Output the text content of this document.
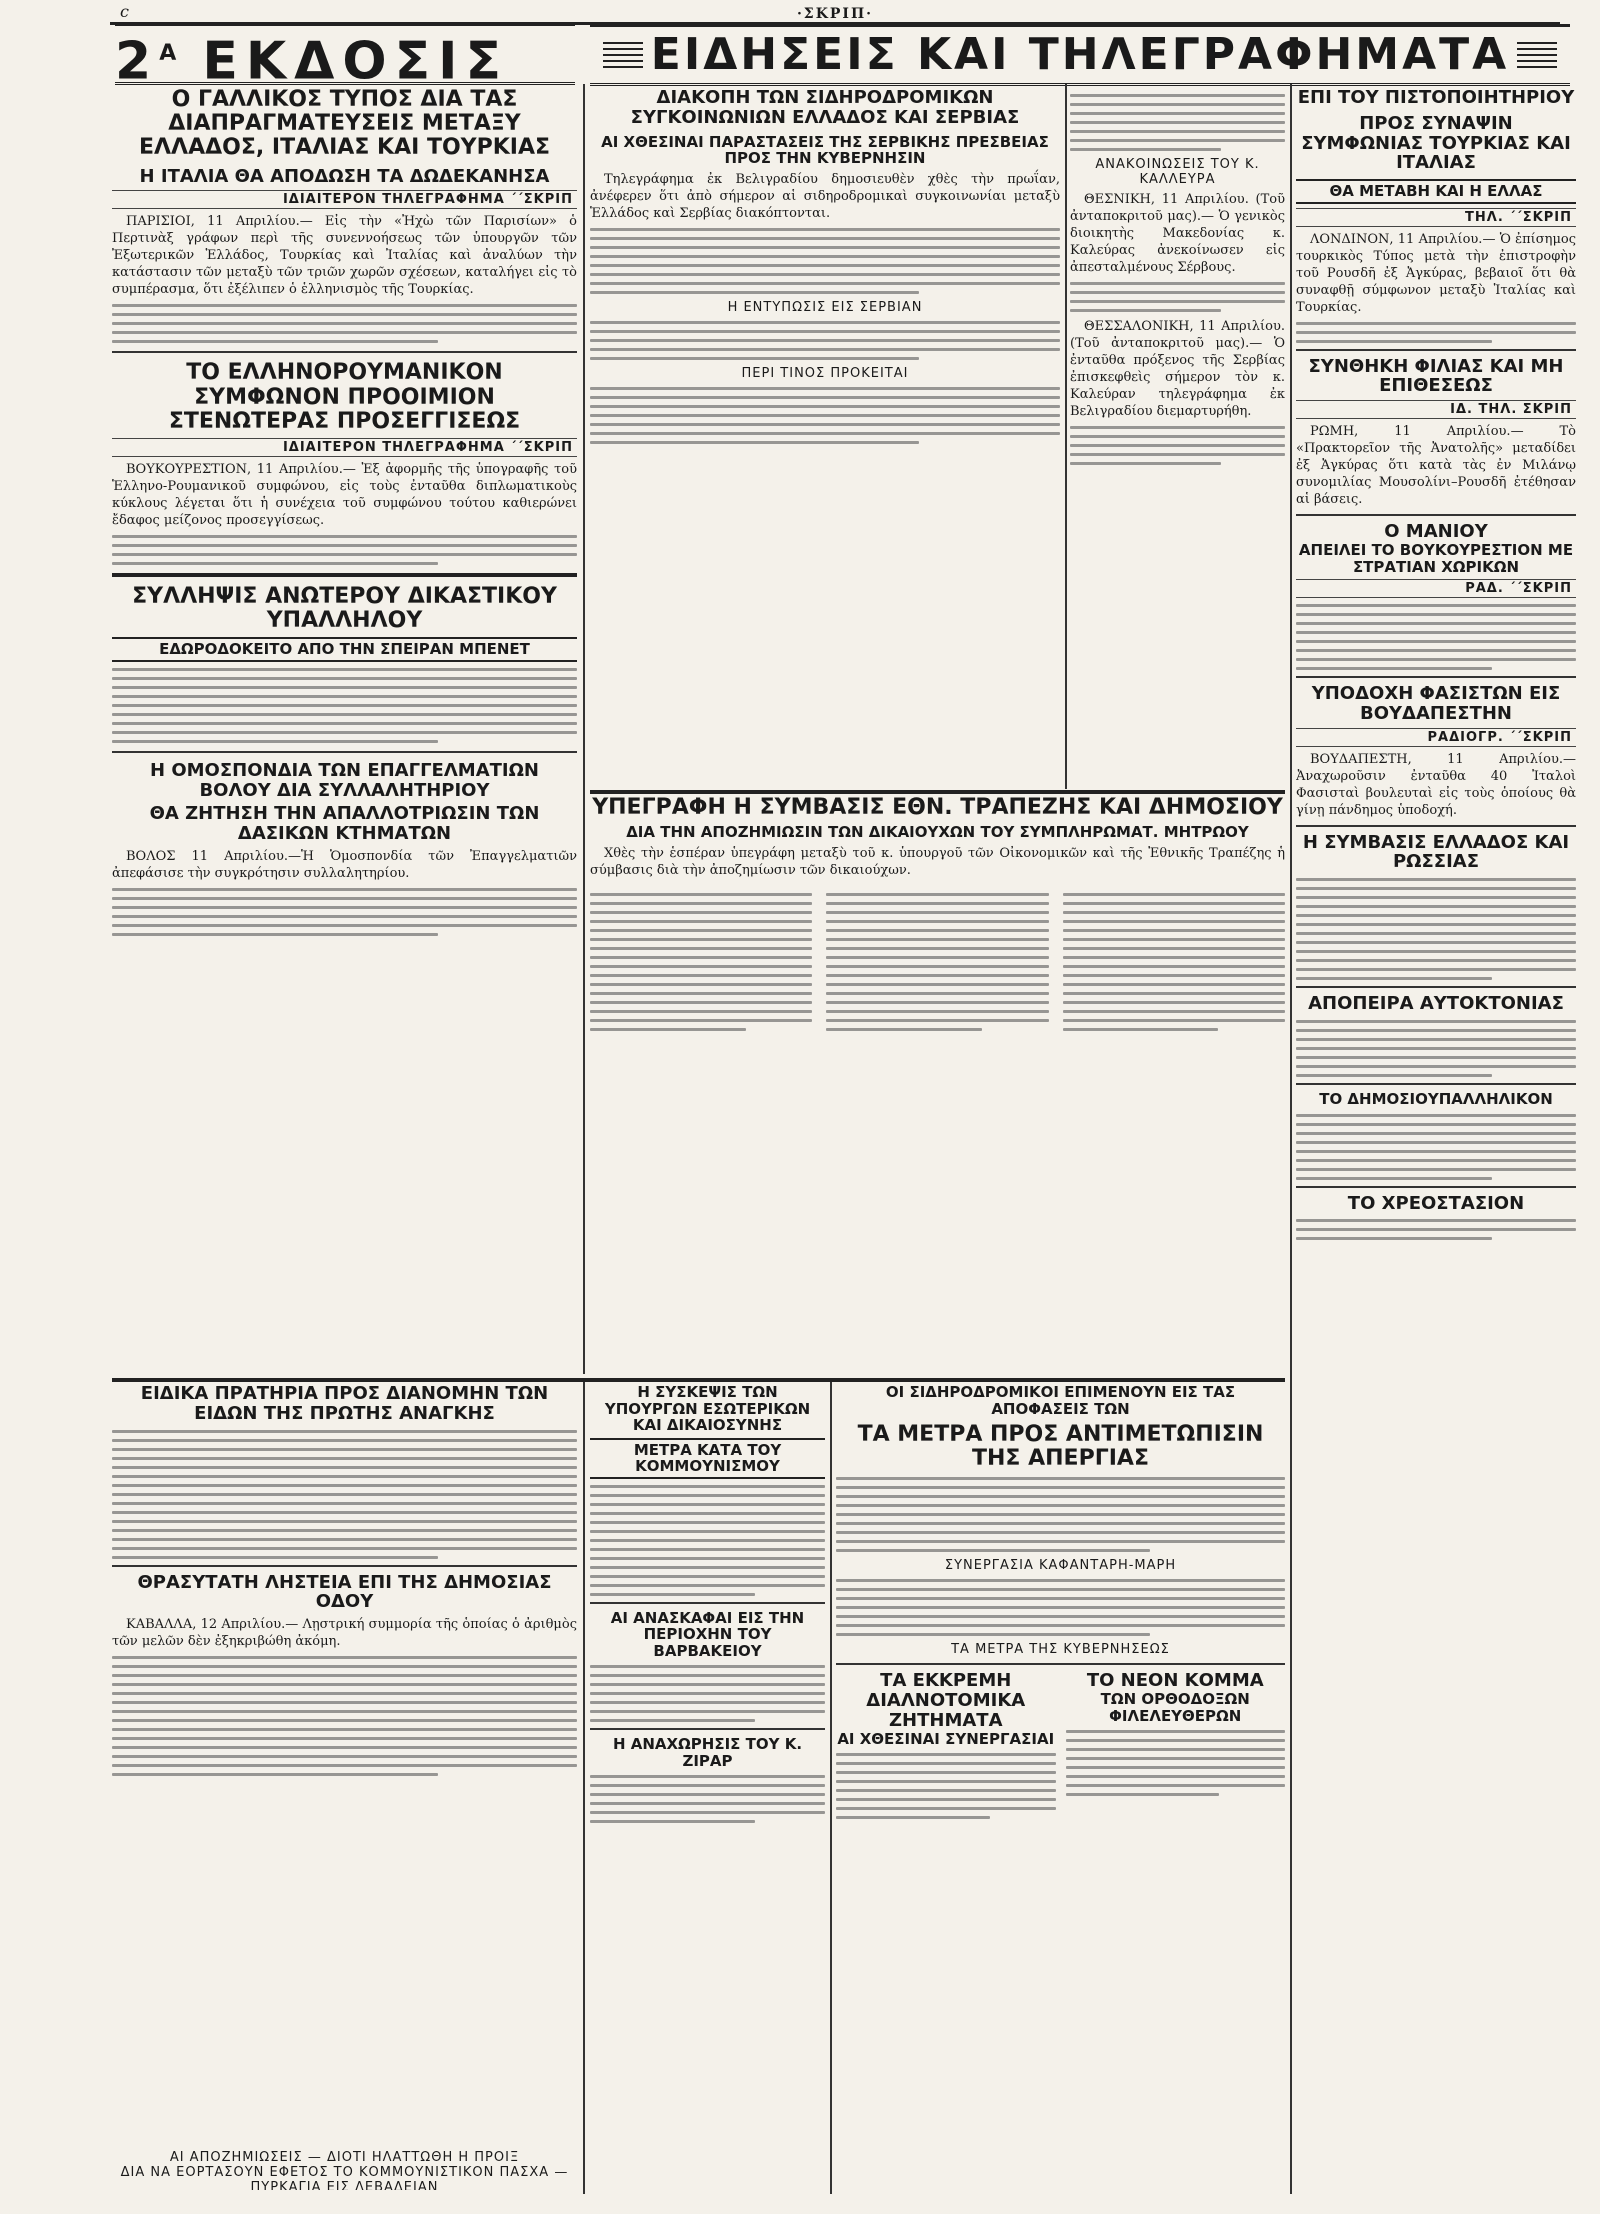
c	·ΣΚΡΙΠ·
$2^A$ ΕΚΔΟΣΙΣ	ΕΙΔΗΣΕΙΣ ΚΑΙ ΤΗΛΕΓΡΑΦΗΜΑΤΑ
Ο ΓΑΛΛΙΚΟΣ ΤΥΠΟΣ ΔΙΑ ΤΑΣ ΔΙΑΠΡΑΓΜΑΤΕΥΣΕΙΣ ΜΕΤΑΞΥ ΕΛΛΑΔΟΣ, ΙΤΑΛΙΑΣ ΚΑΙ ΤΟΥΡΚΙΑΣ
Η ΙΤΑΛΙΑ ΘΑ ΑΠΟΔΩΣΗ ΤΑ ΔΩΔΕΚΑΝΗΣΑ
ΙΔΙΑΙΤΕΡΟΝ ΤΗΛΕΓΡΑΦΗΜΑ ΄΄ΣΚΡΙΠ

ΠΑΡΙΣΙΟΙ, 11 Απριλίου.— Εἰς τὴν «Ἠχὼ τῶν Παρισίων» ὁ Περτινὰξ γράφων περὶ τῆς συνεννοήσεως τῶν ὑπουργῶν τῶν Ἐξωτερικῶν Ἑλλάδος, Τουρκίας καὶ Ἰταλίας καὶ ἀναλύων τὴν κατάστασιν τῶν μεταξὺ τῶν τριῶν χωρῶν σχέσεων, καταλήγει εἰς τὸ συμπέρασμα, ὅτι ἐξέλιπεν ὁ ἑλληνισμὸς τῆς Τουρκίας.

ΤΟ ΕΛΛΗΝΟΡΟΥΜΑΝΙΚΟΝ ΣΥΜΦΩΝΟΝ ΠΡΟΟΙΜΙΟΝ ΣΤΕΝΩΤΕΡΑΣ ΠΡΟΣΕΓΓΙΣΕΩΣ
ΙΔΙΑΙΤΕΡΟΝ ΤΗΛΕΓΡΑΦΗΜΑ ΄΄ΣΚΡΙΠ

ΒΟΥΚΟΥΡΕΣΤΙΟΝ, 11 Απριλίου.— Ἐξ ἀφορμῆς τῆς ὑπογραφῆς τοῦ Ἑλληνο-Ρουμανικοῦ συμφώνου, εἰς τοὺς ἐνταῦθα διπλωματικοὺς κύκλους λέγεται ὅτι ἡ συνέχεια τοῦ συμφώνου τούτου καθιερώνει ἔδαφος μείζονος προσεγγίσεως.

ΣΥΛΛΗΨΙΣ ΑΝΩΤΕΡΟΥ ΔΙΚΑΣΤΙΚΟΥ ΥΠΑΛΛΗΛΟΥ
ΕΔΩΡΟΔΟΚΕΙΤΟ ΑΠΟ ΤΗΝ ΣΠΕΙΡΑΝ ΜΠΕΝΕΤ
Η ΟΜΟΣΠΟΝΔΙΑ ΤΩΝ ΕΠΑΓΓΕΛΜΑΤΙΩΝ ΒΟΛΟΥ ΔΙΑ ΣΥΛΛΑΛΗΤΗΡΙΟΥ
ΘΑ ΖΗΤΗΣΗ ΤΗΝ ΑΠΑΛΛΟΤΡΙΩΣΙΝ ΤΩΝ ΔΑΣΙΚΩΝ ΚΤΗΜΑΤΩΝ

ΒΟΛΟΣ 11 Απριλίου.—Ἡ Ὁμοσπονδία τῶν Ἐπαγγελματιῶν ἀπεφάσισε τὴν συγκρότησιν συλλαλητηρίου.

ΔΙΑΚΟΠΗ ΤΩΝ ΣΙΔΗΡΟΔΡΟΜΙΚΩΝ ΣΥΓΚΟΙΝΩΝΙΩΝ ΕΛΛΑΔΟΣ ΚΑΙ ΣΕΡΒΙΑΣ
ΑΙ ΧΘΕΣΙΝΑΙ ΠΑΡΑΣΤΑΣΕΙΣ ΤΗΣ ΣΕΡΒΙΚΗΣ ΠΡΕΣΒΕΙΑΣ ΠΡΟΣ ΤΗΝ ΚΥΒΕΡΝΗΣΙΝ

Τηλεγράφημα ἐκ Βελιγραδίου δημοσιευθὲν χθὲς τὴν πρωΐαν, ἀνέφερεν ὅτι ἀπὸ σήμερον αἱ σιδηροδρομικαὶ συγκοινωνίαι μεταξὺ Ἑλλάδος καὶ Σερβίας διακόπτονται.

Η ΕΝΤΥΠΩΣΙΣ ΕΙΣ ΣΕΡΒΙΑΝ

ΠΕΡΙ ΤΙΝΟΣ ΠΡΟΚΕΙΤΑΙ

ΑΝΑΚΟΙΝΩΣΕΙΣ ΤΟΥ Κ. ΚΑΛΛΕΥΡΑ

ΘΕΣΝΙΚΗ, 11 Απριλίου. (Τοῦ ἀνταποκριτοῦ μας).— Ὁ γενικὸς διοικητὴς Μακεδονίας κ. Καλεύρας ἀνεκοίνωσεν εἰς ἀπεσταλμένους Σέρβους.

ΘΕΣΣΑΛΟΝΙΚΗ, 11 Απριλίου. (Τοῦ ἀνταποκριτοῦ μας).— Ὁ ἐνταῦθα πρόξενος τῆς Σερβίας ἐπισκεφθεὶς σήμερον τὸν κ. Καλεύραν τηλεγράφημα ἐκ Βελιγραδίου διεμαρτυρήθη.

ΥΠΕΓΡΑΦΗ Η ΣΥΜΒΑΣΙΣ ΕΘΝ. ΤΡΑΠΕΖΗΣ ΚΑΙ ΔΗΜΟΣΙΟΥ
ΔΙΑ ΤΗΝ ΑΠΟΖΗΜΙΩΣΙΝ ΤΩΝ ΔΙΚΑΙΟΥΧΩΝ ΤΟΥ ΣΥΜΠΛΗΡΩΜΑΤ. ΜΗΤΡΩΟΥ

Χθὲς τὴν ἑσπέραν ὑπεγράφη μεταξὺ τοῦ κ. ὑπουργοῦ τῶν Οἰκονομικῶν καὶ τῆς Ἐθνικῆς Τραπέζης ἡ σύμβασις διὰ τὴν ἀποζημίωσιν τῶν δικαιούχων.

ΕΠΙ ΤΟΥ ΠΙΣΤΟΠΟΙΗΤΗΡΙΟΥ
ΠΡΟΣ ΣΥΝΑΨΙΝ ΣΥΜΦΩΝΙΑΣ ΤΟΥΡΚΙΑΣ ΚΑΙ ΙΤΑΛΙΑΣ
ΘΑ ΜΕΤΑΒΗ ΚΑΙ Η ΕΛΛΑΣ
ΤΗΛ. ΄΄ΣΚΡΙΠ

ΛΟΝΔΙΝΟΝ, 11 Απριλίου.— Ὁ ἐπίσημος τουρκικὸς Τύπος μετὰ τὴν ἐπιστροφὴν τοῦ Ρουσδῆ ἐξ Ἀγκύρας, βεβαιοῖ ὅτι θὰ συναφθῇ σύμφωνον μεταξὺ Ἰταλίας καὶ Τουρκίας.

ΣΥΝΘΗΚΗ ΦΙΛΙΑΣ ΚΑΙ ΜΗ ΕΠΙΘΕΣΕΩΣ
ΙΔ. ΤΗΛ. ΣΚΡΙΠ

ΡΩΜΗ, 11 Απριλίου.— Τὸ «Πρακτορεῖον τῆς Ἀνατολῆς» μεταδίδει ἐξ Ἀγκύρας ὅτι κατὰ τὰς ἐν Μιλάνῳ συνομιλίας Μουσολίνι–Ρουσδῆ ἐτέθησαν αἱ βάσεις.

Ο ΜΑΝΙΟΥ
ΑΠΕΙΛΕΙ ΤΟ ΒΟΥΚΟΥΡΕΣΤΙΟΝ ΜΕ ΣΤΡΑΤΙΑΝ ΧΩΡΙΚΩΝ
ΡΑΔ. ΄΄ΣΚΡΙΠ
ΥΠΟΔΟΧΗ ΦΑΣΙΣΤΩΝ ΕΙΣ ΒΟΥΔΑΠΕΣΤΗΝ
ΡΑΔΙΟΓΡ. ΄΄ΣΚΡΙΠ

ΒΟΥΔΑΠΕΣΤΗ, 11 Απριλίου.— Ἀναχωροῦσιν ἐνταῦθα 40 Ἰταλοὶ Φασισταὶ βουλευταὶ εἰς τοὺς ὁποίους θὰ γίνῃ πάνδημος ὑποδοχή.

Η ΣΥΜΒΑΣΙΣ ΕΛΛΑΔΟΣ ΚΑΙ ΡΩΣΣΙΑΣ
ΑΠΟΠΕΙΡΑ ΑΥΤΟΚΤΟΝΙΑΣ
ΤΟ ΔΗΜΟΣΙΟΥΠΑΛΛΗΛΙΚΟΝ
ΤΟ ΧΡΕΟΣΤΑΣΙΟΝ
ΕΙΔΙΚΑ ΠΡΑΤΗΡΙΑ ΠΡΟΣ ΔΙΑΝΟΜΗΝ ΤΩΝ ΕΙΔΩΝ ΤΗΣ ΠΡΩΤΗΣ ΑΝΑΓΚΗΣ
ΘΡΑΣΥΤΑΤΗ ΛΗΣΤΕΙΑ ΕΠΙ ΤΗΣ ΔΗΜΟΣΙΑΣ ΟΔΟΥ

ΚΑΒΑΛΛΑ, 12 Απριλίου.— Λῃστρική συμμορία τῆς ὁποίας ὁ ἀριθμὸς τῶν μελῶν δὲν ἐξηκριβώθη ἀκόμη.

Η ΣΥΣΚΕΨΙΣ ΤΩΝ ΥΠΟΥΡΓΩΝ ΕΣΩΤΕΡΙΚΩΝ ΚΑΙ ΔΙΚΑΙΟΣΥΝΗΣ
ΜΕΤΡΑ ΚΑΤΑ ΤΟΥ ΚΟΜΜΟΥΝΙΣΜΟΥ
ΑΙ ΑΝΑΣΚΑΦΑΙ ΕΙΣ ΤΗΝ ΠΕΡΙΟΧΗΝ ΤΟΥ ΒΑΡΒΑΚΕΙΟΥ
Η ΑΝΑΧΩΡΗΣΙΣ ΤΟΥ Κ. ΖΙΡΑΡ
ΟΙ ΣΙΔΗΡΟΔΡΟΜΙΚΟΙ ΕΠΙΜΕΝΟΥΝ ΕΙΣ ΤΑΣ ΑΠΟΦΑΣΕΙΣ ΤΩΝ
ΤΑ ΜΕΤΡΑ ΠΡΟΣ ΑΝΤΙΜΕΤΩΠΙΣΙΝ ΤΗΣ ΑΠΕΡΓΙΑΣ

ΣΥΝΕΡΓΑΣΙΑ ΚΑΦΑΝΤΑΡΗ-ΜΑΡΗ

ΤΑ ΜΕΤΡΑ ΤΗΣ ΚΥΒΕΡΝΗΣΕΩΣ

ΤΑ ΕΚΚΡΕΜΗ ΔΙΑΛΝΟΤΟΜΙΚΑ ΖΗΤΗΜΑΤΑ
ΑΙ ΧΘΕΣΙΝΑΙ ΣΥΝΕΡΓΑΣΙΑΙ
ΤΟ ΝΕΟΝ ΚΟΜΜΑ
ΤΩΝ ΟΡΘΟΔΟΞΩΝ ΦΙΛΕΛΕΥΘΕΡΩΝ

ΑΙ ΑΠΟΖΗΜΙΩΣΕΙΣ — ΔΙΟΤΙ ΗΛΑΤΤΩΘΗ Η ΠΡΟΙΞ

ΔΙΑ ΝΑ ΕΟΡΤΑΣΟΥΝ ΕΦΕΤΟΣ ΤΟ ΚΟΜΜΟΥΝΙΣΤΙΚΟΝ ΠΑΣΧΑ — ΠΥΡΚΑΓΙΑ ΕΙΣ ΛΕΒΑΔΕΙΑΝ
